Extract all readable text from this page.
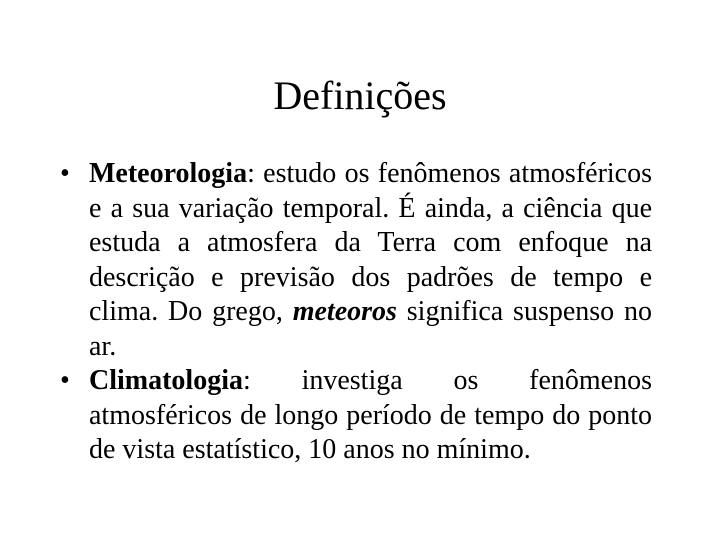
Definições
• Meteorologia: estudo os fenômenos atmosféricos e a sua variação temporal. É ainda, a ciência que estuda a atmosfera da Terra com enfoque na descrição e previsão dos padrões de tempo e clima. Do grego, meteoros significa suspenso no ar.
• Climatologia: investiga os fenômenos atmosféricos de longo período de tempo do ponto de vista estatístico, 10 anos no mínimo.
